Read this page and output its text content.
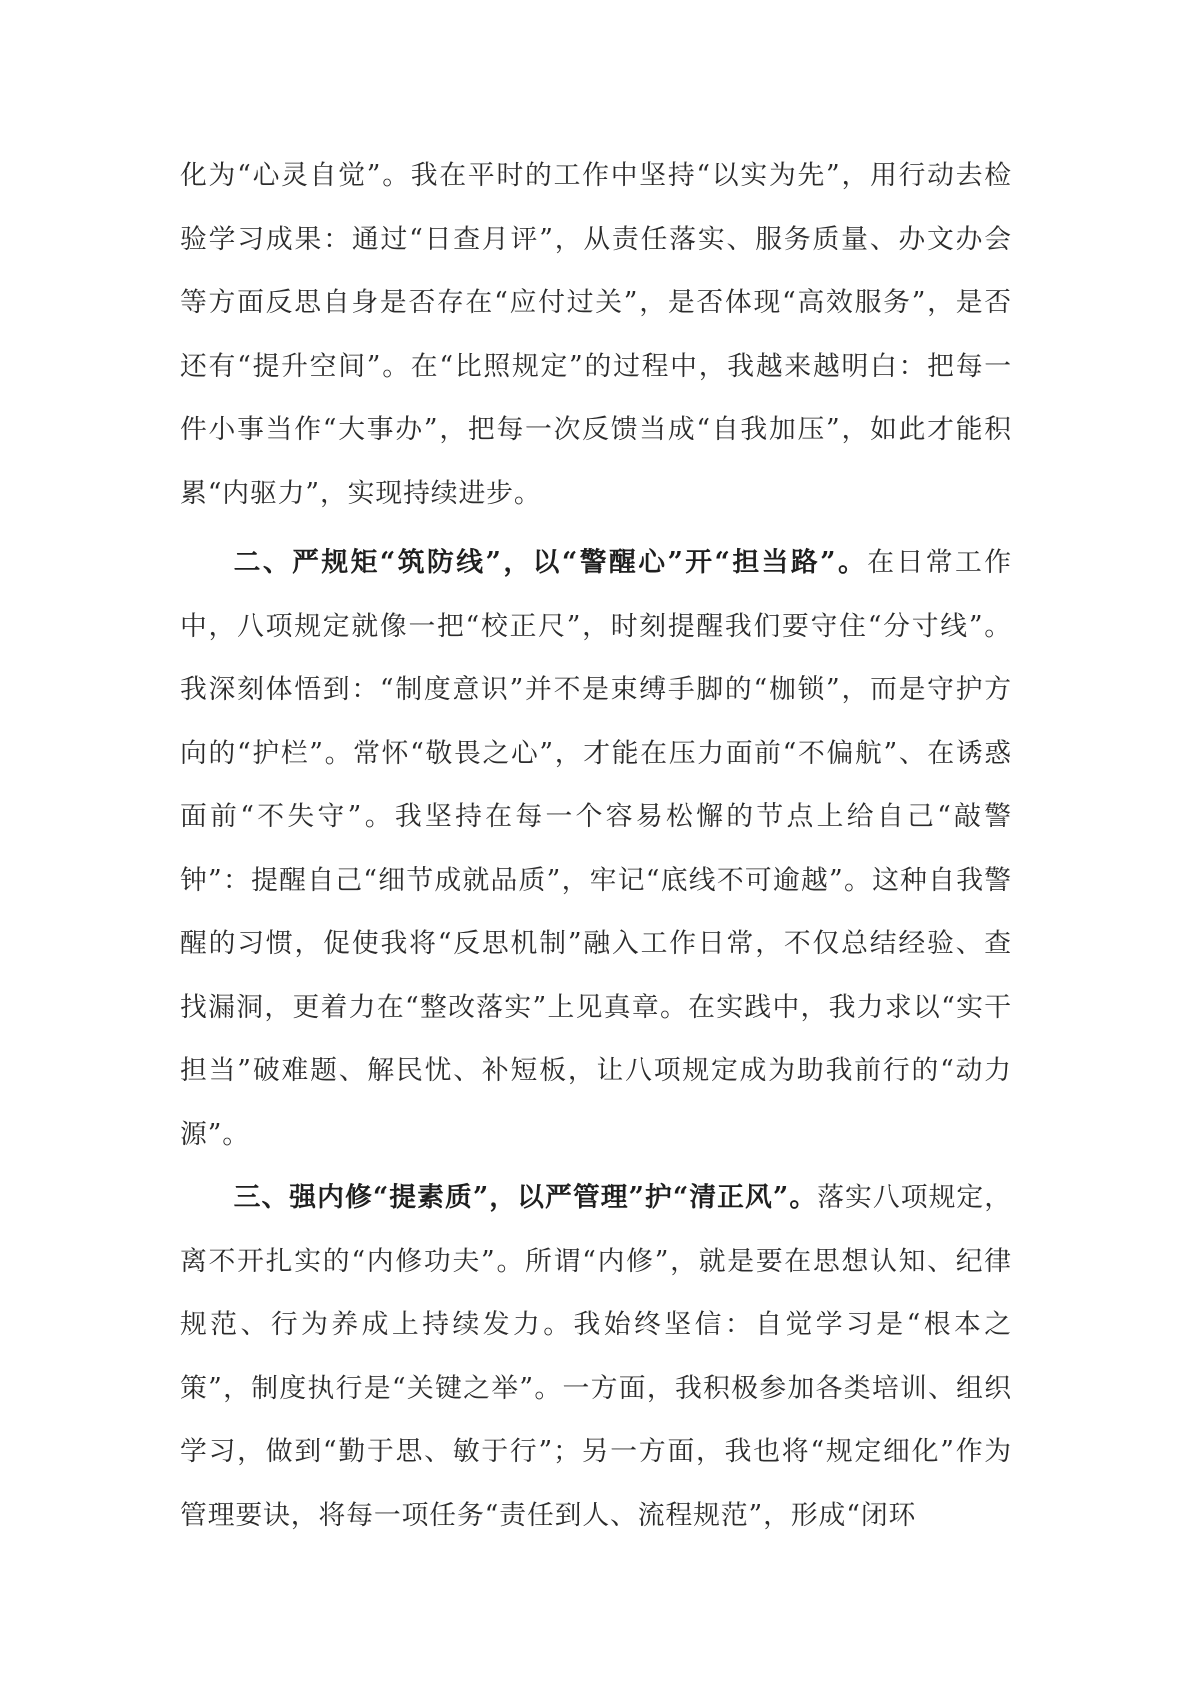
化为“心灵自觉”。我在平时的工作中坚持“以实为先”，用行动去检验学习成果：通过“日查月评”，从责任落实、服务质量、办文办会等方面反思自身是否存在“应付过关”，是否体现“高效服务”，是否还有“提升空间”。在“比照规定”的过程中，我越来越明白：把每一件小事当作“大事办”，把每一次反馈当成“自我加压”，如此才能积累“内驱力”，实现持续进步。

二、严规矩“筑防线”，以“警醒心”开“担当路”。在日常工作中，八项规定就像一把“校正尺”，时刻提醒我们要守住“分寸线”。我深刻体悟到：“制度意识”并不是束缚手脚的“枷锁”，而是守护方向的“护栏”。常怀“敬畏之心”，才能在压力面前“不偏航”、在诱惑面前“不失守”。我坚持在每一个容易松懈的节点上给自己“敲警钟”：提醒自己“细节成就品质”，牢记“底线不可逾越”。这种自我警醒的习惯，促使我将“反思机制”融入工作日常，不仅总结经验、查找漏洞，更着力在“整改落实”上见真章。在实践中，我力求以“实干担当”破难题、解民忧、补短板，让八项规定成为助我前行的“动力源”。

三、强内修“提素质”，以严管理”护“清正风”。落实八项规定，离不开扎实的“内修功夫”。所谓“内修”，就是要在思想认知、纪律规范、行为养成上持续发力。我始终坚信：自觉学习是“根本之策”，制度执行是“关键之举”。一方面，我积极参加各类培训、组织学习，做到“勤于思、敏于行”；另一方面，我也将“规定细化”作为管理要诀，将每一项任务“责任到人、流程规范”，形成“闭环
